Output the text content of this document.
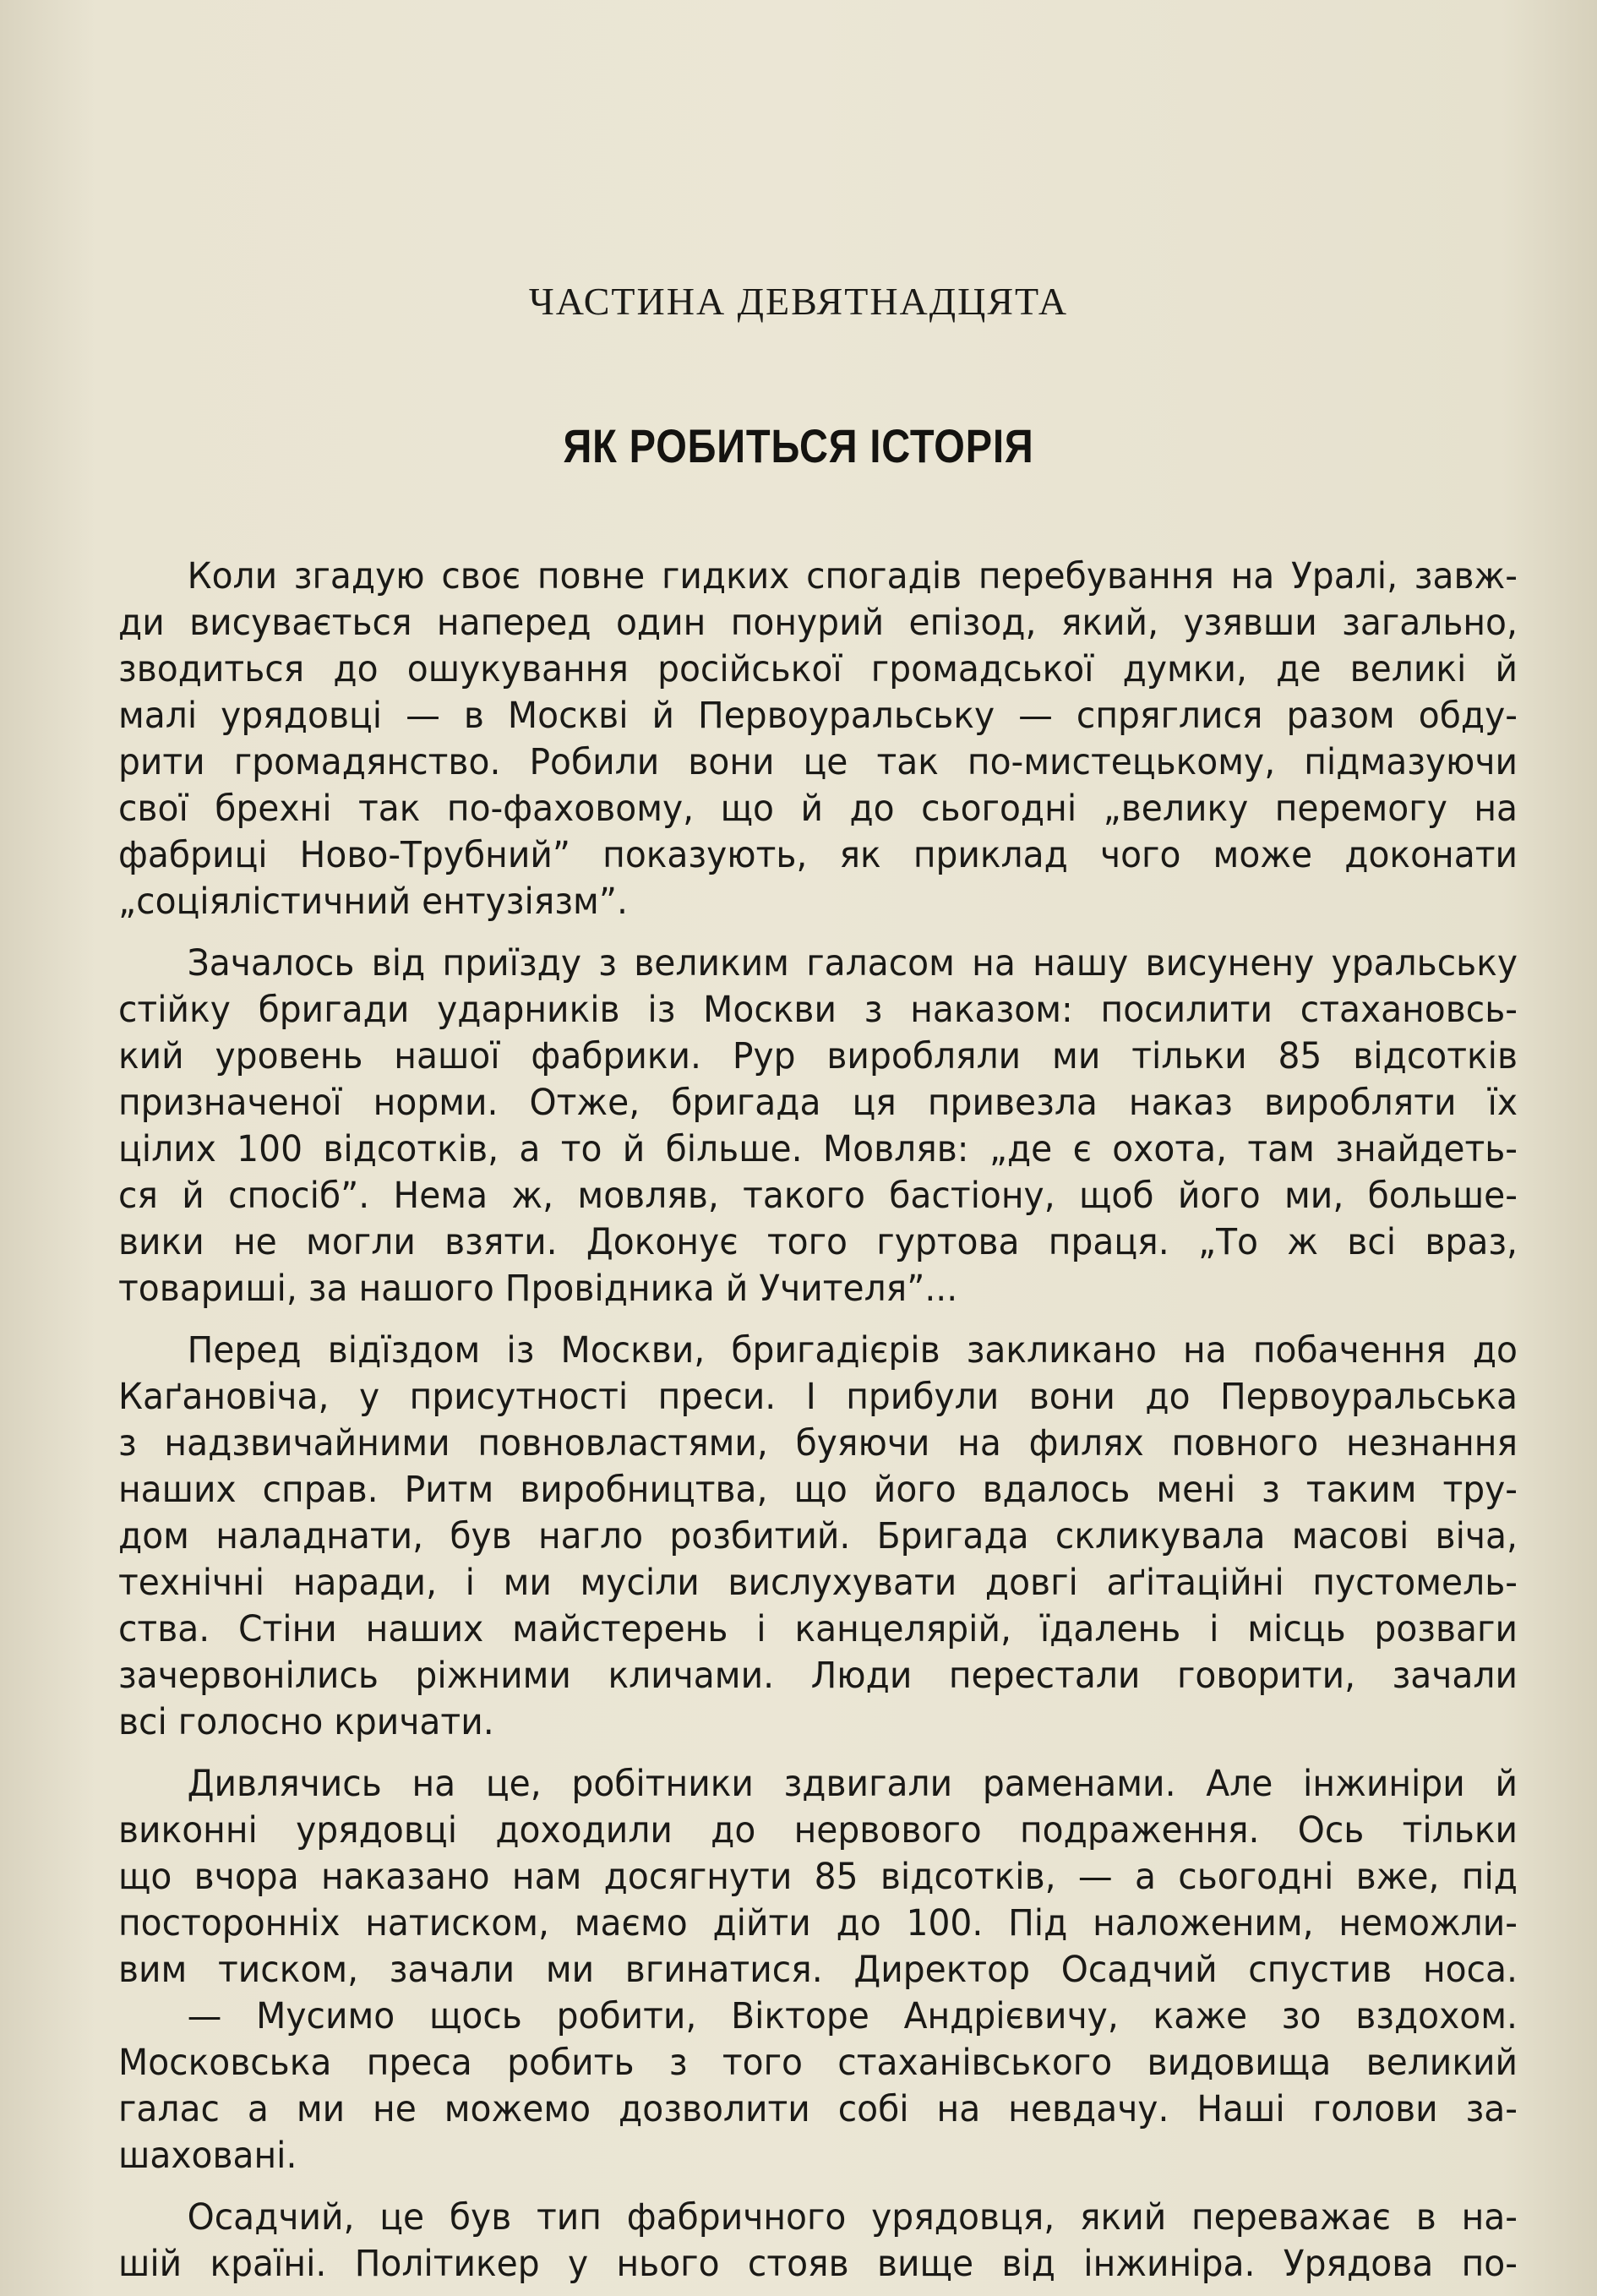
ЧАСТИНА ДЕВЯТНАДЦЯТА
ЯК РОБИТЬСЯ ІСТОРІЯ
Коли згадую своє повне гидких спогадів перебування на Уралі, завж-
ди висувається наперед один понурий епізод, який, узявши загально,
зводиться до ошукування російської громадської думки, де великі й
малі урядовці — в Москві й Первоуральську — спряглися разом обду-
рити громадянство. Робили вони це так по-мистецькому, підмазуючи
свої брехні так по-фаховому, що й до сьогодні „велику перемогу на
фабриці Ново-Трубний” показують, як приклад чого може доконати
„соціялістичний ентузіязм”.
Зачалось від приїзду з великим галасом на нашу висунену уральську
стійку бригади ударників із Москви з наказом: посилити стахановсь-
кий уровень нашої фабрики. Рур виробляли ми тільки 85 відсотків
призначеної норми. Отже, бригада ця привезла наказ виробляти їх
цілих 100 відсотків, а то й більше. Мовляв: „де є охота, там знайдеть-
ся й спосіб”. Нема ж, мовляв, такого бастіону, щоб його ми, больше-
вики не могли взяти. Доконує того гуртова праця. „То ж всі враз,
товариші, за нашого Провідника й Учителя”...
Перед відїздом із Москви, бригадієрів закликано на побачення до
Каґановіча, у присутності преси. І прибули вони до Первоуральська
з надзвичайними повновластями, буяючи на филях повного незнання
наших справ. Ритм виробництва, що його вдалось мені з таким тру-
дом наладнати, був нагло розбитий. Бригада скликувала масові віча,
технічні наради, і ми мусіли вислухувати довгі аґітаційні пустомель-
ства. Стіни наших майстерень і канцелярій, їдалень і місць розваги
зачервонілись ріжними кличами. Люди перестали говорити, зачали
всі голосно кричати.
Дивлячись на це, робітники здвигали раменами. Але інжиніри й
виконні урядовці доходили до нервового подраження. Ось тільки
що вчора наказано нам досягнути 85 відсотків, — а сьогодні вже, під
посторонніх натиском, маємо дійти до 100. Під наложеним, неможли-
вим тиском, зачали ми вгинатися. Директор Осадчий спустив носа.
— Мусимо щось робити, Вікторе Андрієвичу, каже зо вздохом.
Московська преса робить з того стаханівського видовища великий
галас а ми не можемо дозволити собі на невдачу. Наші голови за-
шаховані.
Осадчий, це був тип фабричного урядовця, який переважає в на-
шій країні. Політикер у нього стояв вище від інжиніра. Урядова по-
